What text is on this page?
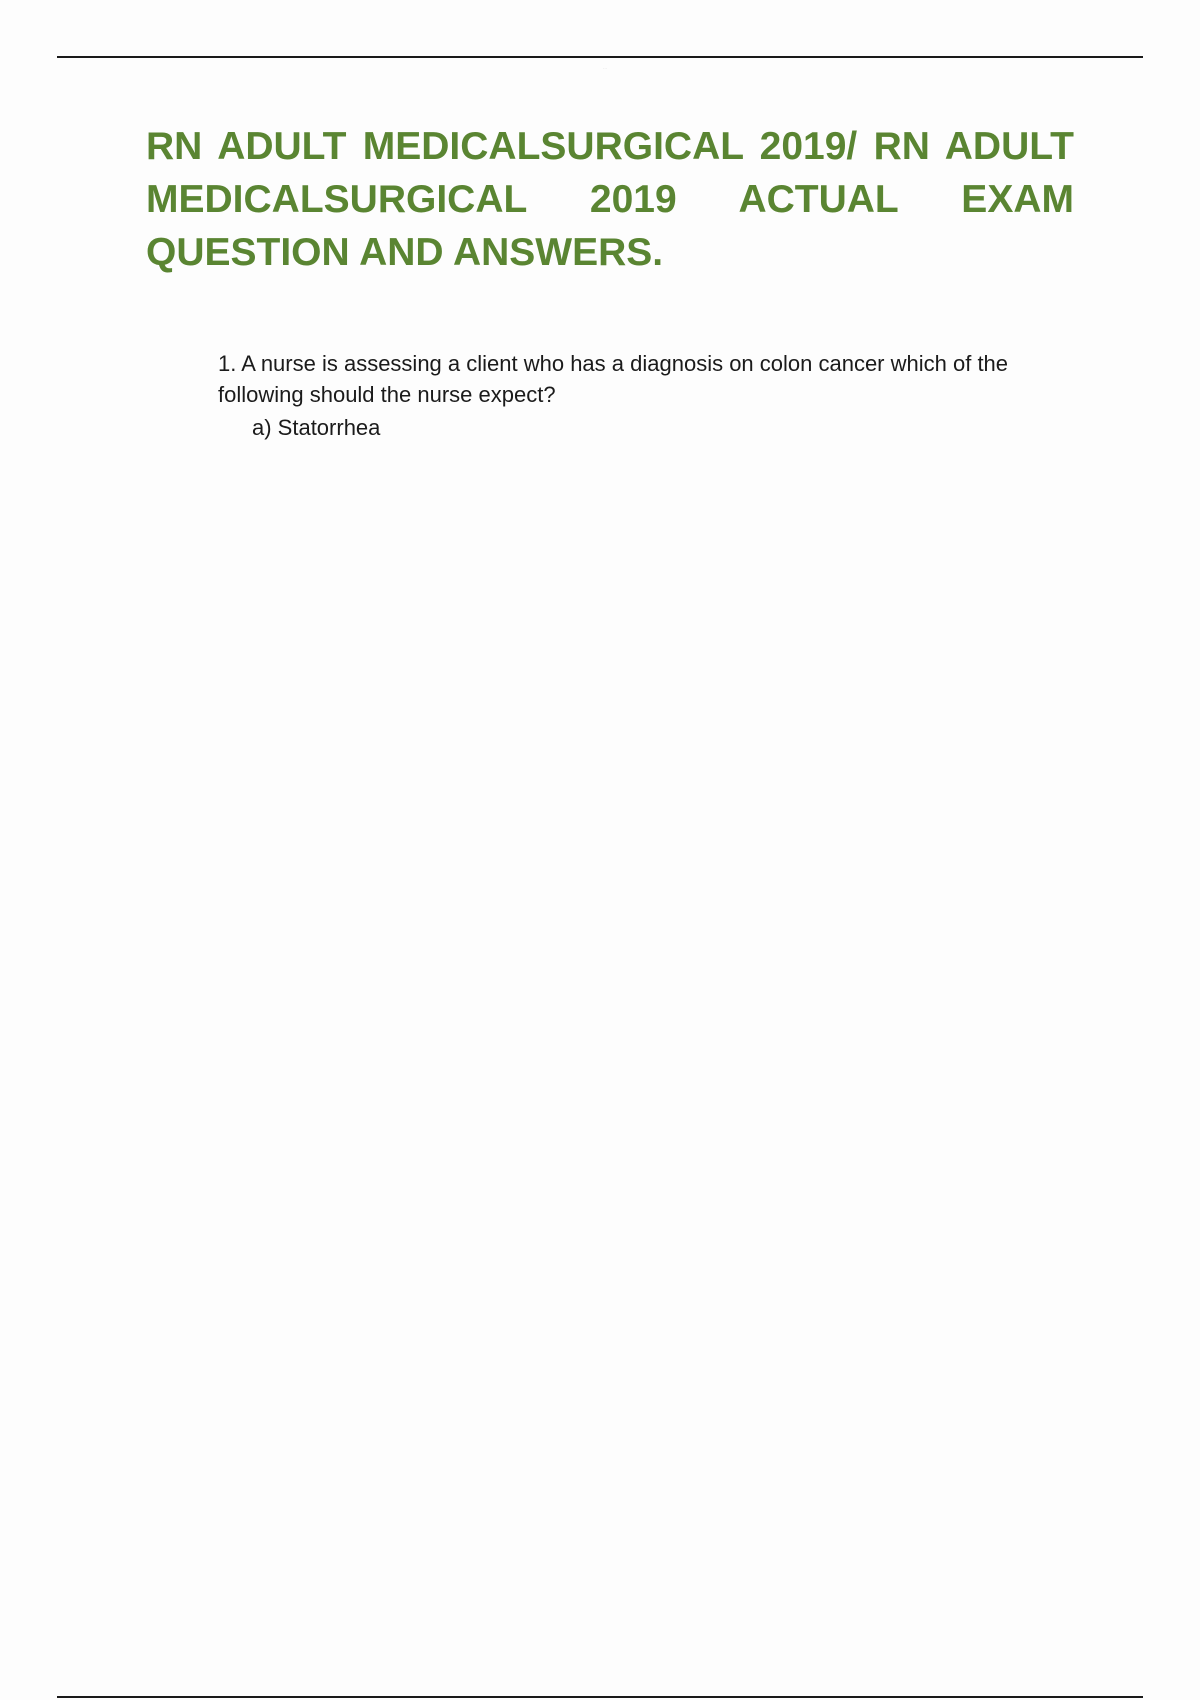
···
RN ADULT MEDICALSURGICAL 2019/ RN ADULT MEDICALSURGICAL 2019 ACTUAL EXAM QUESTION AND ANSWERS.

1. A nurse is assessing a client who has a diagnosis on colon cancer which of the following should the nurse expect?

a) Statorrhea
